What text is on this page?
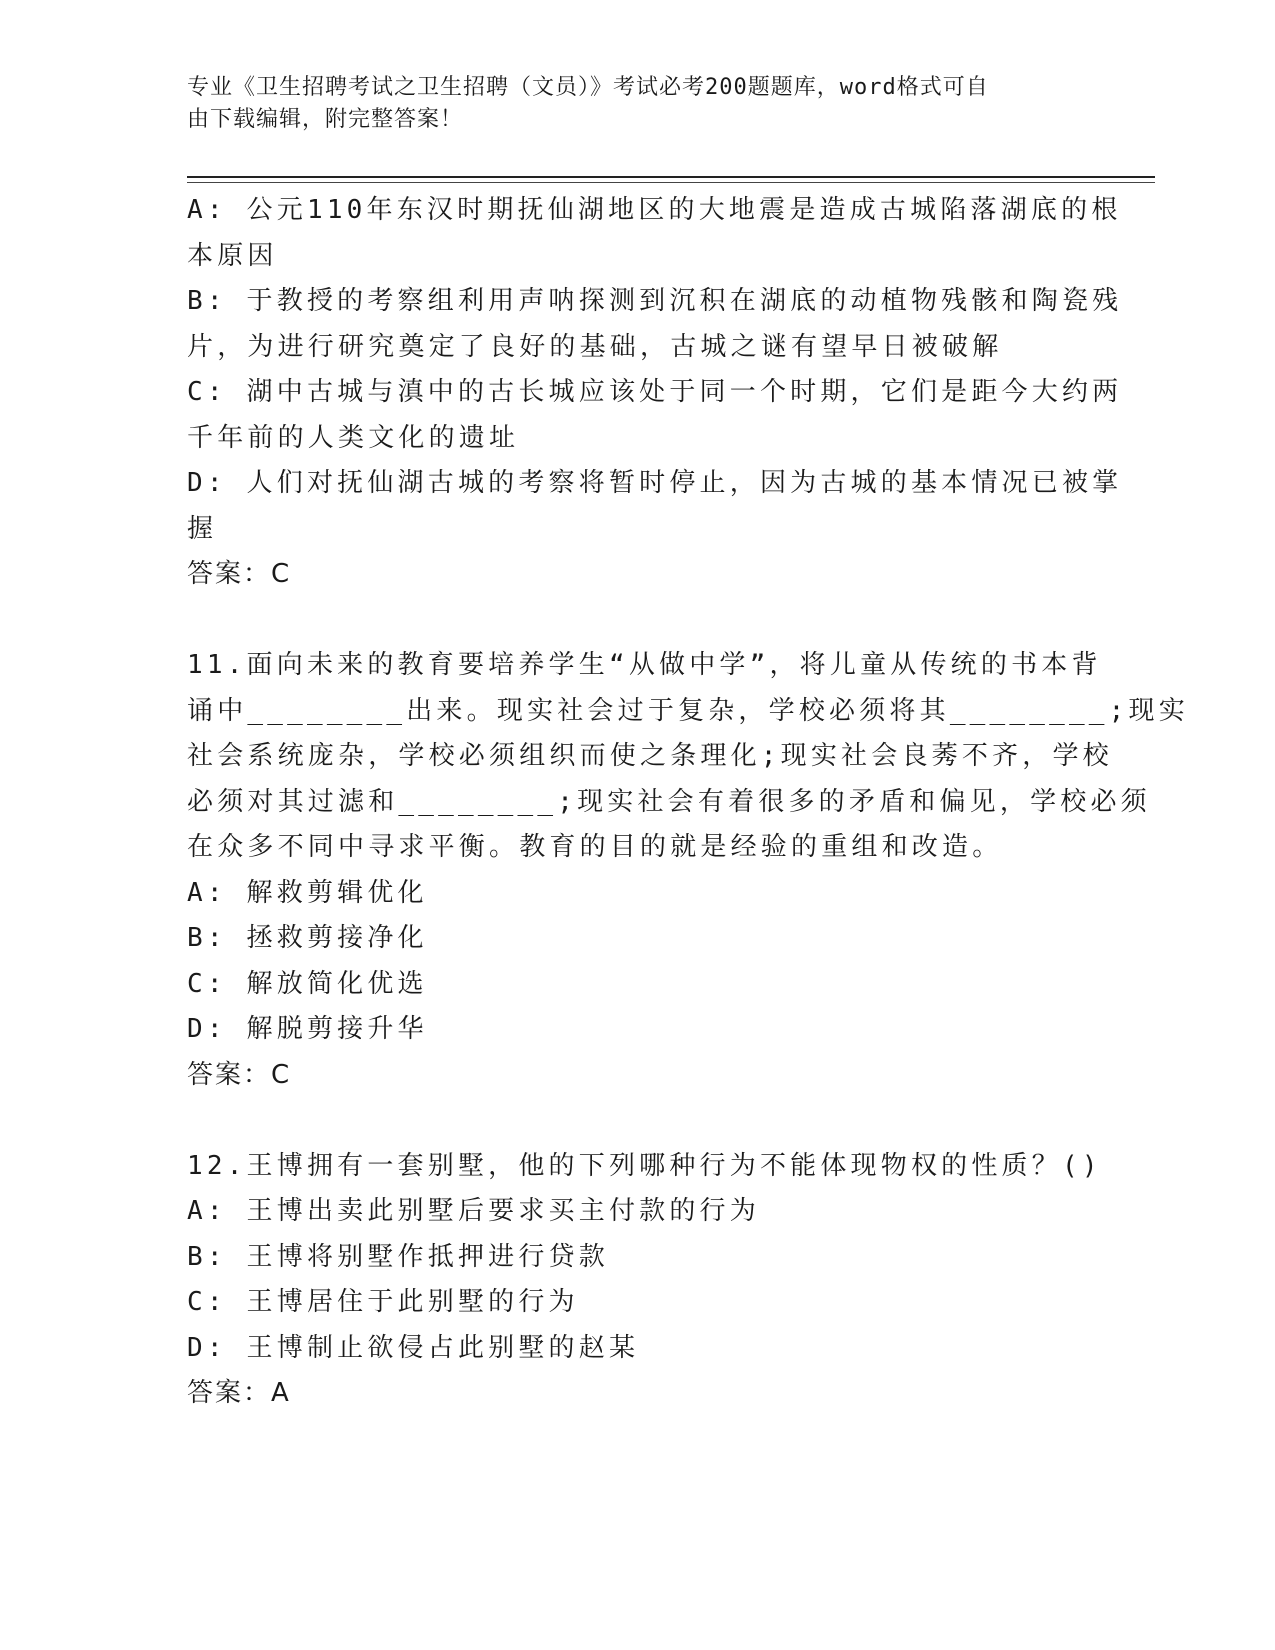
专业《卫生招聘考试之卫生招聘（文员）》考试必考200题题库，word格式可自
由下载编辑，附完整答案！
A: 公元110年东汉时期抚仙湖地区的大地震是造成古城陷落湖底的根
本原因
B: 于教授的考察组利用声呐探测到沉积在湖底的动植物残骸和陶瓷残
片，为进行研究奠定了良好的基础，古城之谜有望早日被破解
C: 湖中古城与滇中的古长城应该处于同一个时期，它们是距今大约两
千年前的人类文化的遗址
D: 人们对抚仙湖古城的考察将暂时停止，因为古城的基本情况已被掌
握
答案：C
11.面向未来的教育要培养学生“从做中学”，将儿童从传统的书本背
诵中________出来。现实社会过于复杂，学校必须将其________;现实
社会系统庞杂，学校必须组织而使之条理化;现实社会良莠不齐，学校
必须对其过滤和________;现实社会有着很多的矛盾和偏见，学校必须
在众多不同中寻求平衡。教育的目的就是经验的重组和改造。
A: 解救剪辑优化
B: 拯救剪接净化
C: 解放简化优选
D: 解脱剪接升华
答案：C
12.王博拥有一套别墅，他的下列哪种行为不能体现物权的性质？()
A: 王博出卖此别墅后要求买主付款的行为
B: 王博将别墅作抵押进行贷款
C: 王博居住于此别墅的行为
D: 王博制止欲侵占此别墅的赵某
答案：A
